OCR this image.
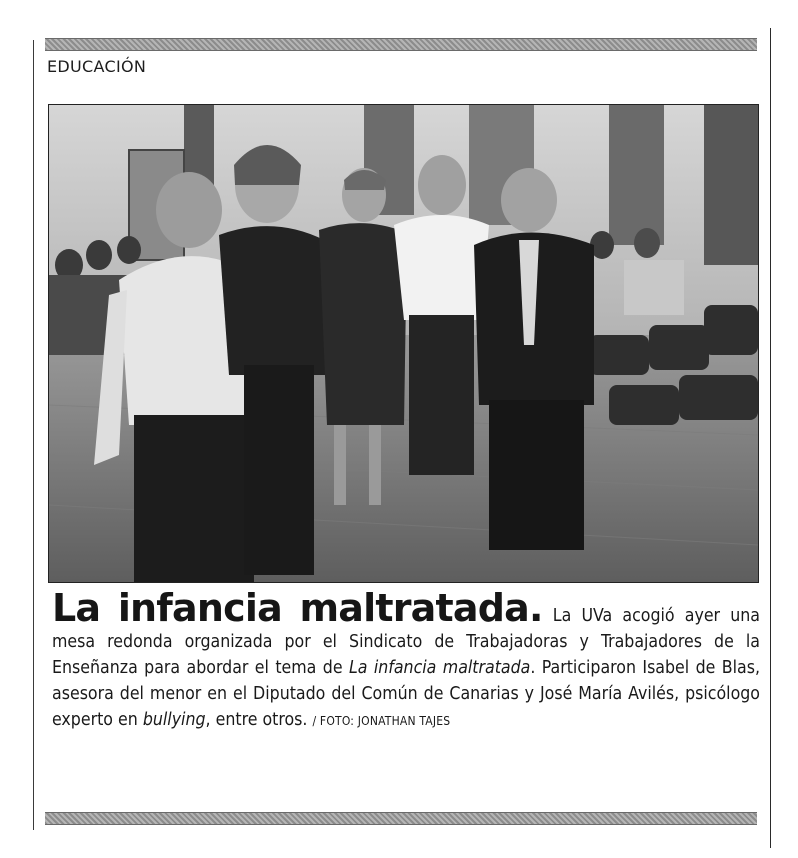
EDUCACIÓN
La infancia maltratada. La UVa acogió ayer una mesa redonda organizada por el Sindicato de Trabajadoras y Trabajadores de la Enseñanza para abordar el tema de La infancia maltratada. Participaron Isabel de Blas, asesora del menor en el Diputado del Común de Canarias y José María Avilés, psicólogo experto en bullying, entre otros. / FOTO: JONATHAN TAJES
